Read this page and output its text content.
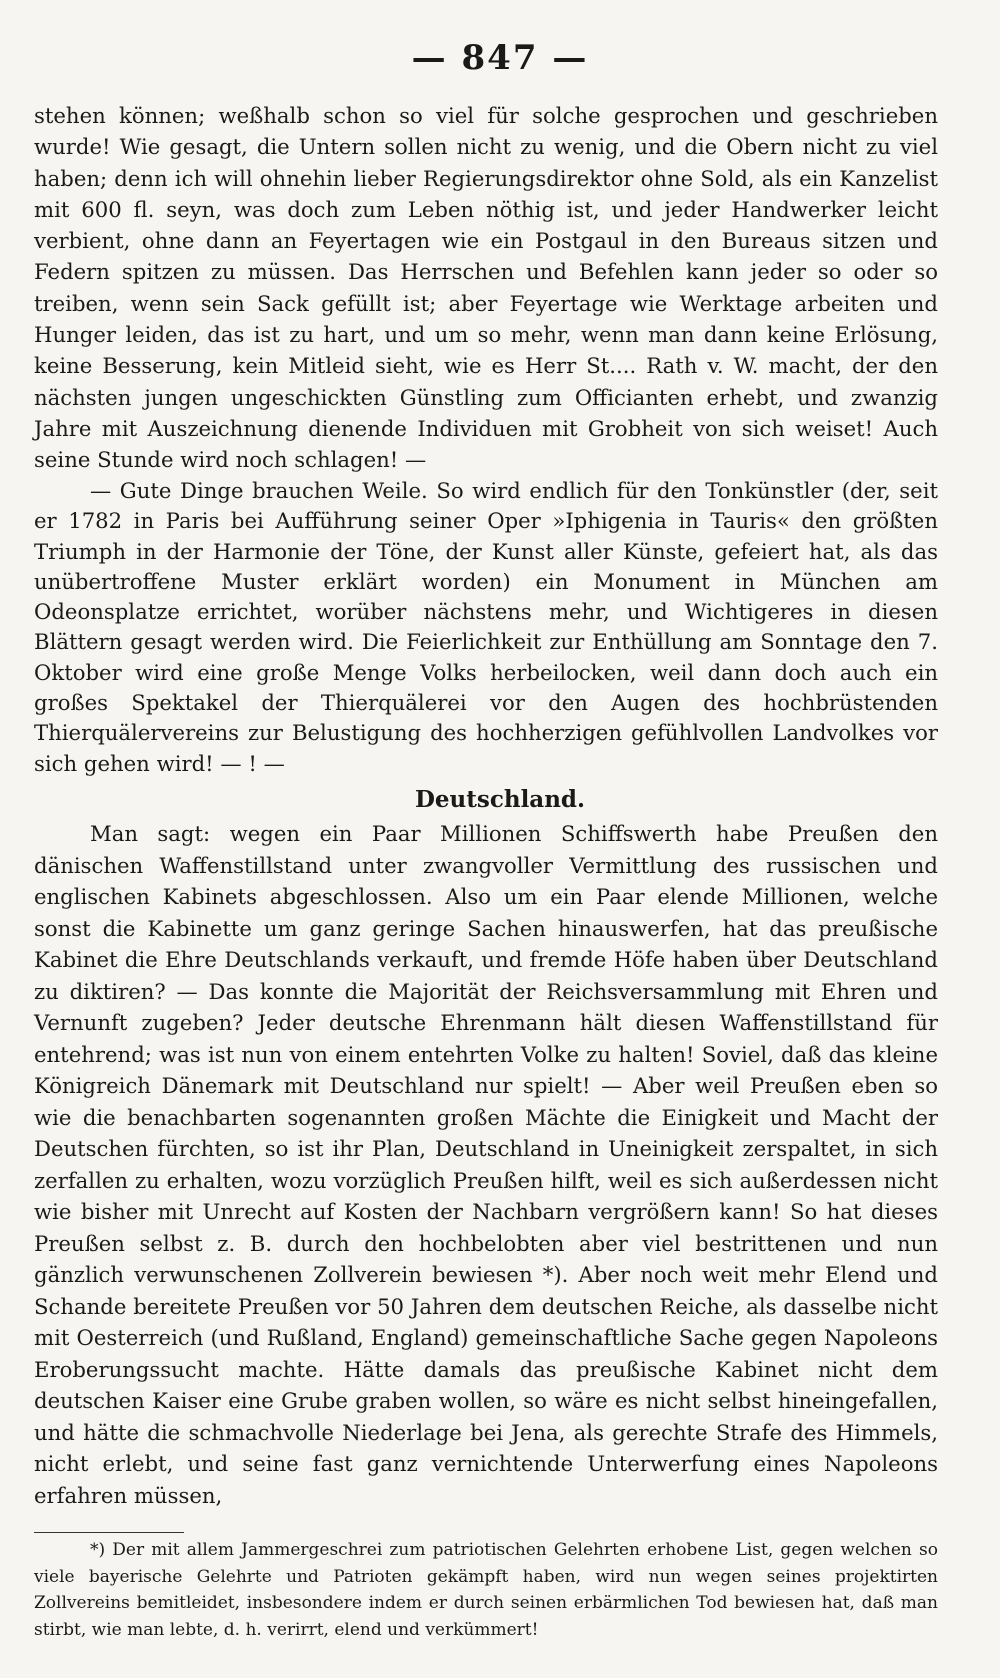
— 847 —

stehen können; weßhalb schon so viel für solche gesprochen und geschrieben wurde! Wie gesagt, die Untern sollen nicht zu wenig, und die Obern nicht zu viel haben; denn ich will ohnehin lieber Regierungsdirektor ohne Sold, als ein Kanzelist mit 600 fl. seyn, was doch zum Leben nöthig ist, und jeder Handwerker leicht verbient, ohne dann an Feyertagen wie ein Postgaul in den Bureaus sitzen und Federn spitzen zu müssen. Das Herrschen und Befehlen kann jeder so oder so treiben, wenn sein Sack gefüllt ist; aber Feyertage wie Werktage arbeiten und Hunger leiden, das ist zu hart, und um so mehr, wenn man dann keine Erlösung, keine Besserung, kein Mitleid sieht, wie es Herr St.... Rath v. W. macht, der den nächsten jungen ungeschickten Günstling zum Officianten erhebt, und zwanzig Jahre mit Auszeichnung dienende Individuen mit Grobheit von sich weiset! Auch seine Stunde wird noch schlagen! —

— Gute Dinge brauchen Weile. So wird endlich für den Tonkünstler (der, seit er 1782 in Paris bei Aufführung seiner Oper »Iphigenia in Tauris« den größten Triumph in der Harmonie der Töne, der Kunst aller Künste, gefeiert hat, als das unübertroffene Muster erklärt worden) ein Monument in München am Odeonsplatze errichtet, worüber nächstens mehr, und Wichtigeres in diesen Blättern gesagt werden wird. Die Feierlichkeit zur Enthüllung am Sonntage den 7. Oktober wird eine große Menge Volks herbeilocken, weil dann doch auch ein großes Spektakel der Thierquälerei vor den Augen des hochbrüstenden Thierquälervereins zur Belustigung des hochherzigen gefühlvollen Landvolkes vor sich gehen wird! — ! —

Deutschland.

Man sagt: wegen ein Paar Millionen Schiffswerth habe Preußen den dänischen Waffenstillstand unter zwangvoller Vermittlung des russischen und englischen Kabinets abgeschlossen. Also um ein Paar elende Millionen, welche sonst die Kabinette um ganz geringe Sachen hinauswerfen, hat das preußische Kabinet die Ehre Deutschlands verkauft, und fremde Höfe haben über Deutschland zu diktiren? — Das konnte die Majorität der Reichsversammlung mit Ehren und Vernunft zugeben? Jeder deutsche Ehrenmann hält diesen Waffenstillstand für entehrend; was ist nun von einem entehrten Volke zu halten! Soviel, daß das kleine Königreich Dänemark mit Deutschland nur spielt! — Aber weil Preußen eben so wie die benachbarten sogenannten großen Mächte die Einigkeit und Macht der Deutschen fürchten, so ist ihr Plan, Deutschland in Uneinigkeit zerspaltet, in sich zerfallen zu erhalten, wozu vorzüglich Preußen hilft, weil es sich außerdessen nicht wie bisher mit Unrecht auf Kosten der Nachbarn vergrößern kann! So hat dieses Preußen selbst z. B. durch den hochbelobten aber viel bestrittenen und nun gänzlich verwunschenen Zollverein bewiesen *). Aber noch weit mehr Elend und Schande bereitete Preußen vor 50 Jahren dem deutschen Reiche, als dasselbe nicht mit Oesterreich (und Rußland, England) gemeinschaftliche Sache gegen Napoleons Eroberungssucht machte. Hätte damals das preußische Kabinet nicht dem deutschen Kaiser eine Grube graben wollen, so wäre es nicht selbst hineingefallen, und hätte die schmachvolle Niederlage bei Jena, als gerechte Strafe des Himmels, nicht erlebt, und seine fast ganz vernichtende Unterwerfung eines Napoleons erfahren müssen,

*) Der mit allem Jammergeschrei zum patriotischen Gelehrten erhobene List, gegen welchen so viele bayerische Gelehrte und Patrioten gekämpft haben, wird nun wegen seines projektirten Zollvereins bemitleidet, insbesondere indem er durch seinen erbärmlichen Tod bewiesen hat, daß man stirbt, wie man lebte, d. h. verirrt, elend und verkümmert!
